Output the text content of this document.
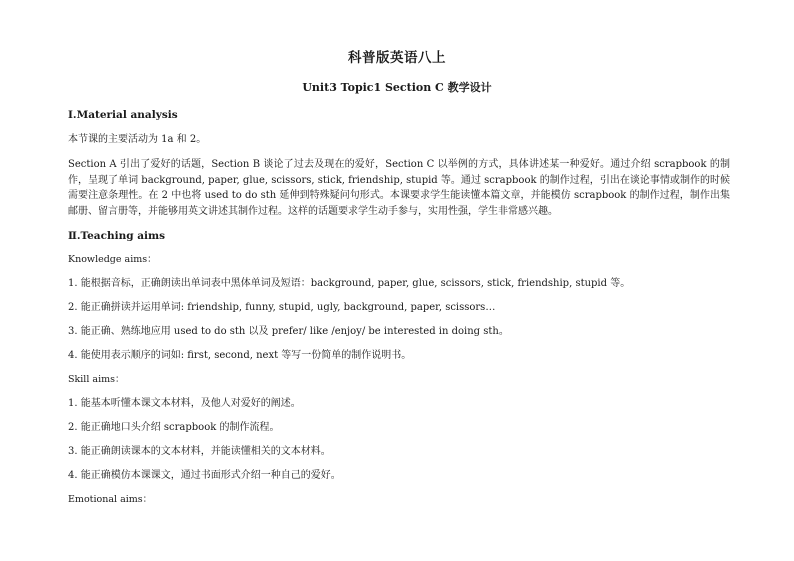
科普版英语八上
Unit3 Topic1 Section C 教学设计
Ⅰ.Material analysis
本节课的主要活动为 1a 和 2。
Section A 引出了爱好的话题，Section B 谈论了过去及现在的爱好，Section C 以举例的方式，具体讲述某一种爱好。通过介绍 scrapbook 的制作，呈现了单词 background, paper, glue, scissors, stick, friendship, stupid 等。通过 scrapbook 的制作过程，引出在谈论事情或制作的时候需要注意条理性。在 2 中也将 used to do sth 延伸到特殊疑问句形式。本课要求学生能读懂本篇文章，并能模仿 scrapbook 的制作过程，制作出集邮册、留言册等，并能够用英文讲述其制作过程。这样的话题要求学生动手参与，实用性强，学生非常感兴趣。
Ⅱ.Teaching aims
Knowledge aims：
1. 能根据音标，正确朗读出单词表中黑体单词及短语：background, paper, glue, scissors, stick, friendship, stupid 等。
2. 能正确拼读并运用单词: friendship, funny, stupid, ugly, background, paper, scissors…
3. 能正确、熟练地应用 used to do sth 以及 prefer/ like /enjoy/ be interested in doing sth。
4. 能使用表示顺序的词如: first, second, next 等写一份简单的制作说明书。
Skill aims：
1. 能基本听懂本课文本材料，及他人对爱好的阐述。
2. 能正确地口头介绍 scrapbook 的制作流程。
3. 能正确朗读课本的文本材料，并能读懂相关的文本材料。
4. 能正确模仿本课课文，通过书面形式介绍一种自己的爱好。
Emotional aims：
